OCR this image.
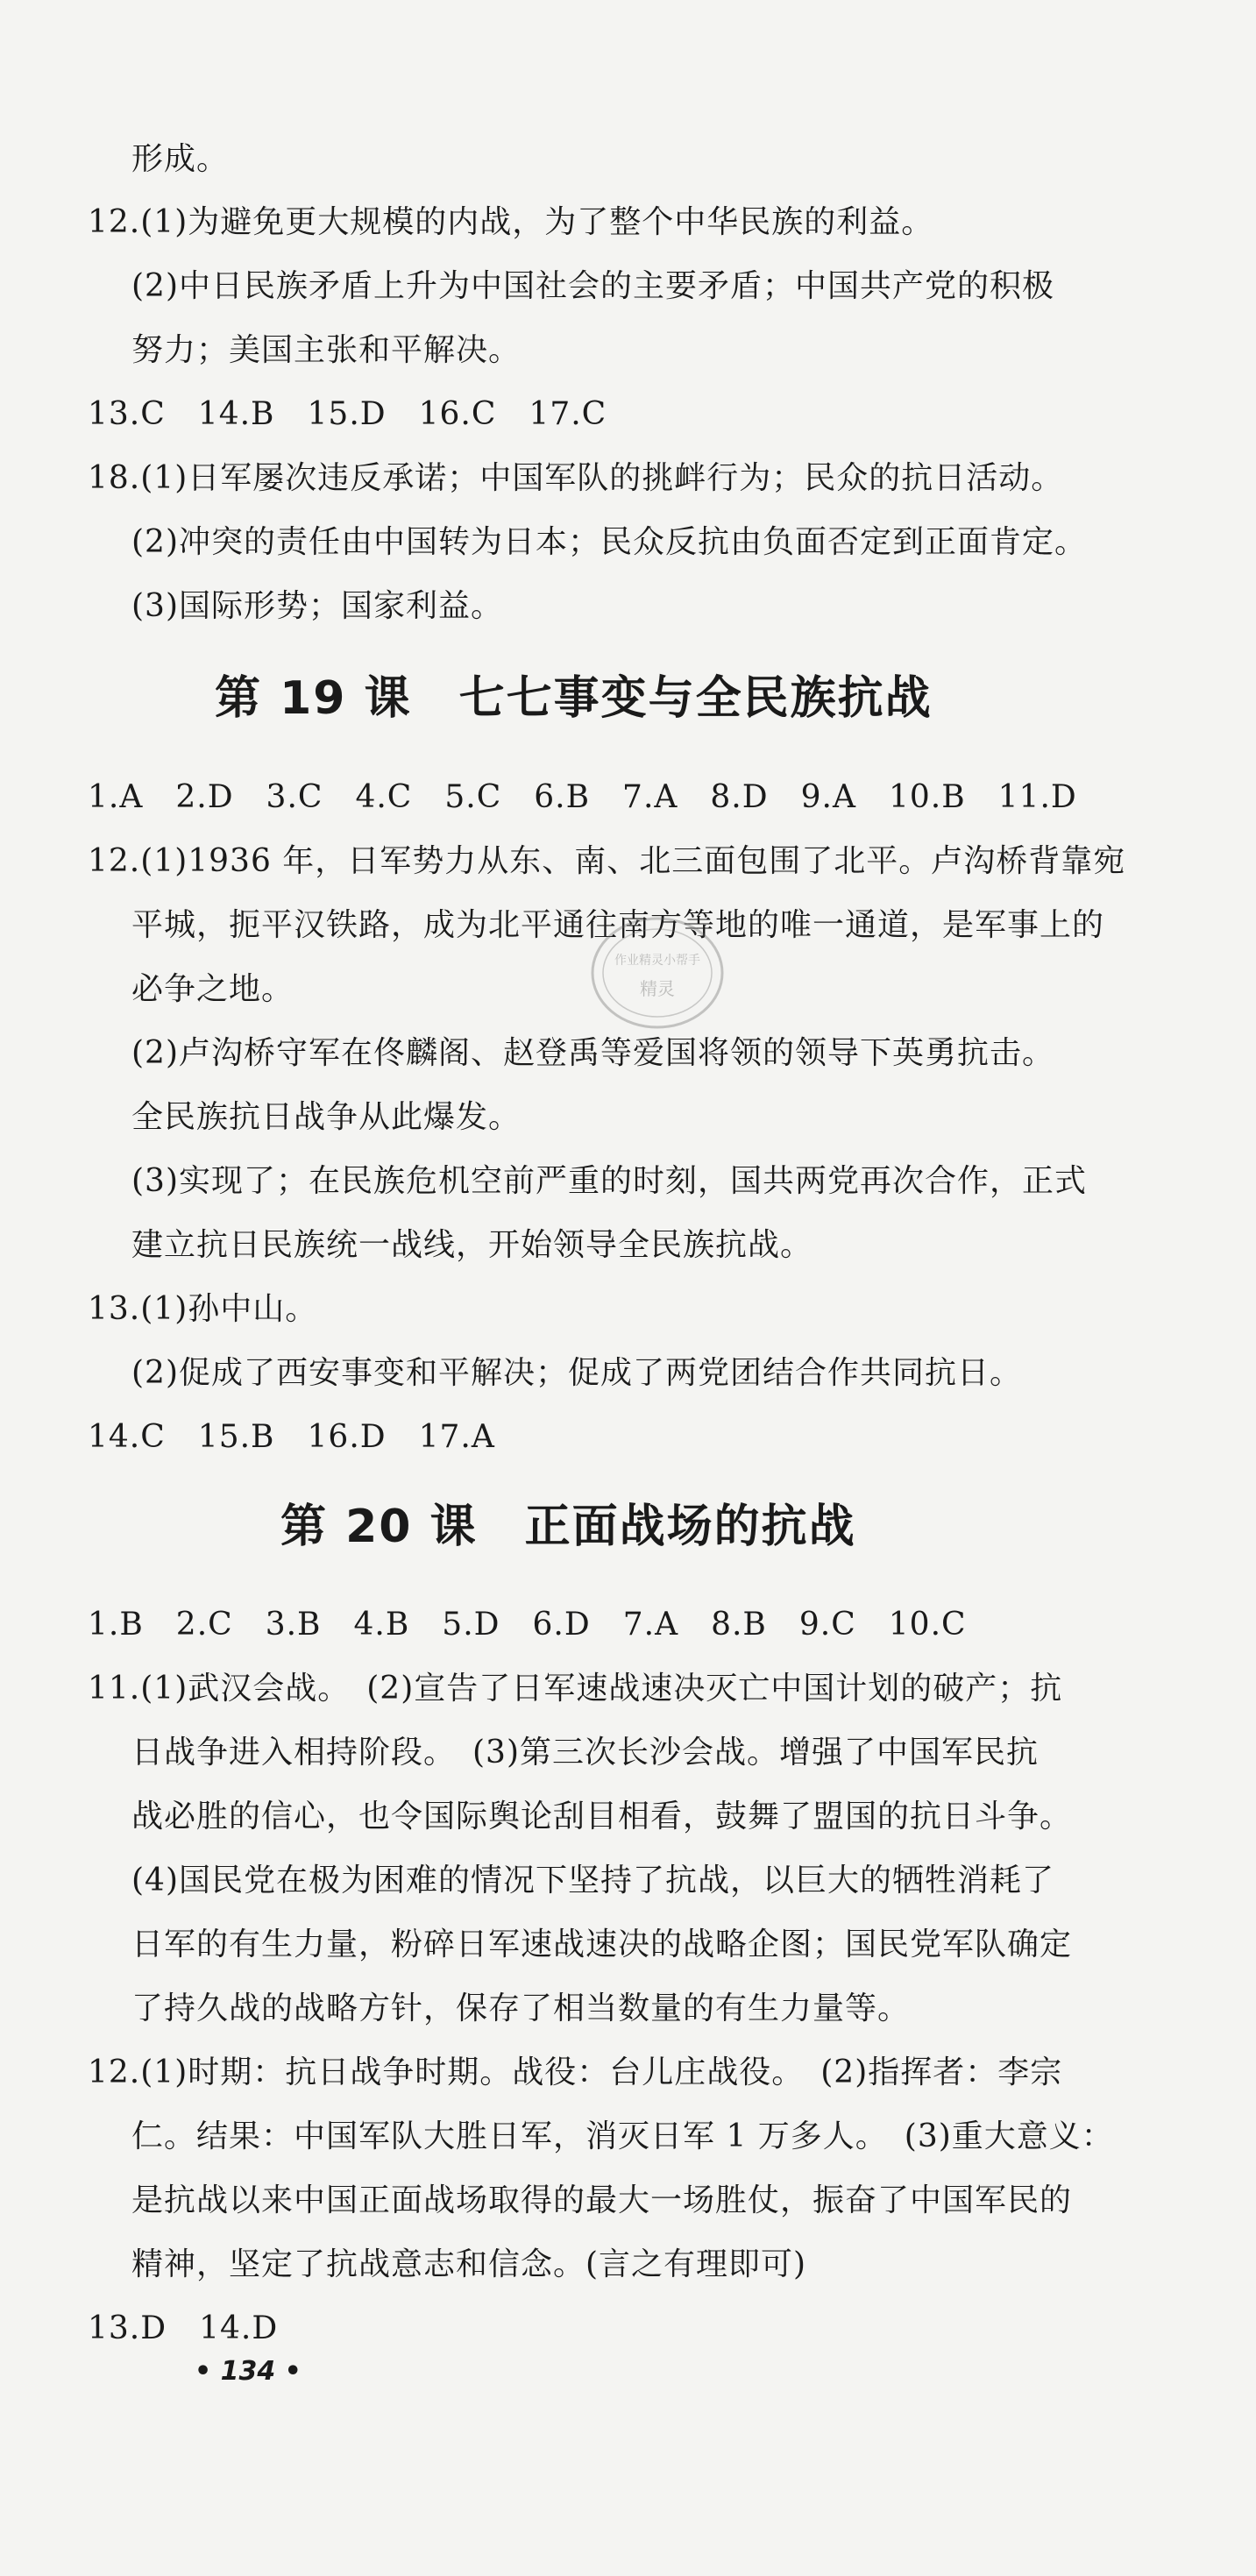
形成。
12.(1)为避免更大规模的内战，为了整个中华民族的利益。
(2)中日民族矛盾上升为中国社会的主要矛盾；中国共产党的积极
努力；美国主张和平解决。
13.C　14.B　15.D　16.C　17.C
18.(1)日军屡次违反承诺；中国军队的挑衅行为；民众的抗日活动。
(2)冲突的责任由中国转为日本；民众反抗由负面否定到正面肯定。
(3)国际形势；国家利益。
第 19 课　七七事变与全民族抗战
1.A　2.D　3.C　4.C　5.C　6.B　7.A　8.D　9.A　10.B　11.D
12.(1)1936 年，日军势力从东、南、北三面包围了北平。卢沟桥背靠宛
平城，扼平汉铁路，成为北平通往南方等地的唯一通道，是军事上的
必争之地。
(2)卢沟桥守军在佟麟阁、赵登禹等爱国将领的领导下英勇抗击。
全民族抗日战争从此爆发。
(3)实现了；在民族危机空前严重的时刻，国共两党再次合作，正式
建立抗日民族统一战线，开始领导全民族抗战。
13.(1)孙中山。
(2)促成了西安事变和平解决；促成了两党团结合作共同抗日。
14.C　15.B　16.D　17.A
第 20 课　正面战场的抗战
1.B　2.C　3.B　4.B　5.D　6.D　7.A　8.B　9.C　10.C
11.(1)武汉会战。　(2)宣告了日军速战速决灭亡中国计划的破产；抗
日战争进入相持阶段。　(3)第三次长沙会战。增强了中国军民抗
战必胜的信心，也令国际舆论刮目相看，鼓舞了盟国的抗日斗争。
(4)国民党在极为困难的情况下坚持了抗战，以巨大的牺牲消耗了
日军的有生力量，粉碎日军速战速决的战略企图；国民党军队确定
了持久战的战略方针，保存了相当数量的有生力量等。
12.(1)时期：抗日战争时期。战役：台儿庄战役。　(2)指挥者：李宗
仁。结果：中国军队大胜日军，消灭日军 1 万多人。　(3)重大意义：
是抗战以来中国正面战场取得的最大一场胜仗，振奋了中国军民的
精神，坚定了抗战意志和信念。(言之有理即可)
13.D　14.D
作业精灵小帮手
精灵
• 134 •
